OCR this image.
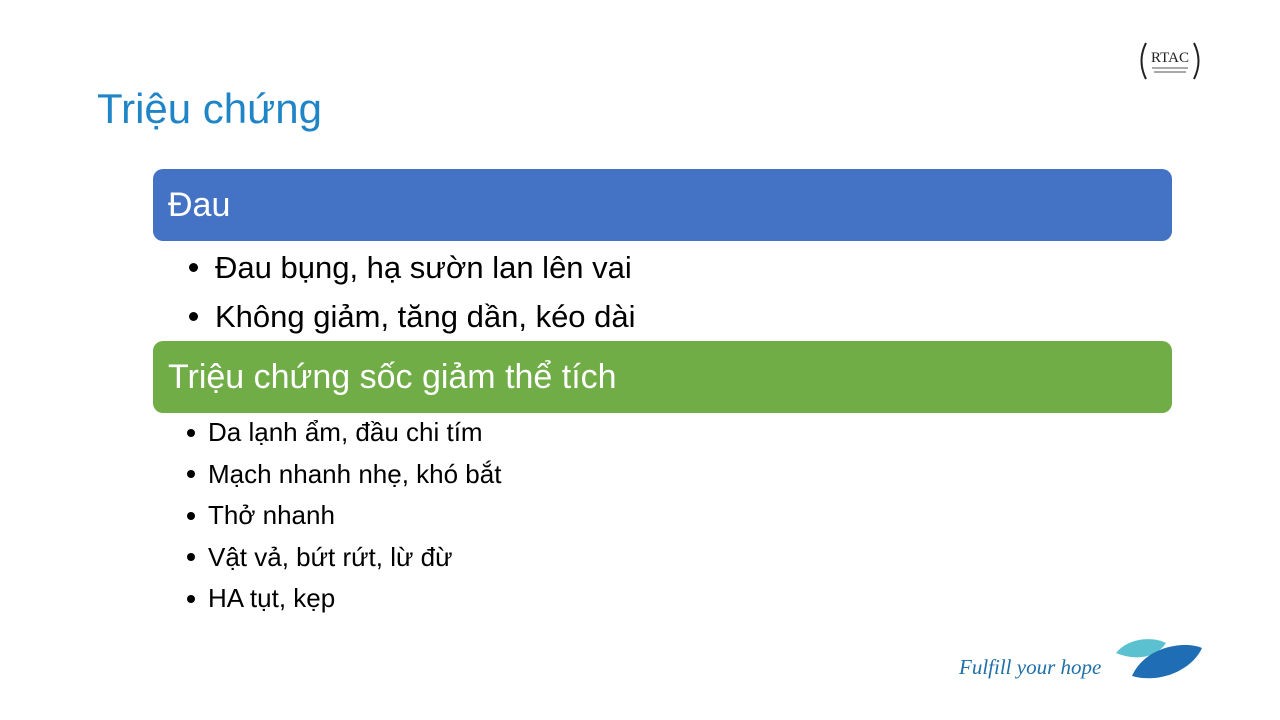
Triệu chứng
RTAC
Đau
Đau bụng, hạ sườn lan lên vai
Không giảm, tăng dần, kéo dài
Triệu chứng sốc giảm thể tích
Da lạnh ẩm, đầu chi tím
Mạch nhanh nhẹ, khó bắt
Thở nhanh
Vật vả, bứt rứt, lừ đừ
HA tụt, kẹp
Fulfill your hope
